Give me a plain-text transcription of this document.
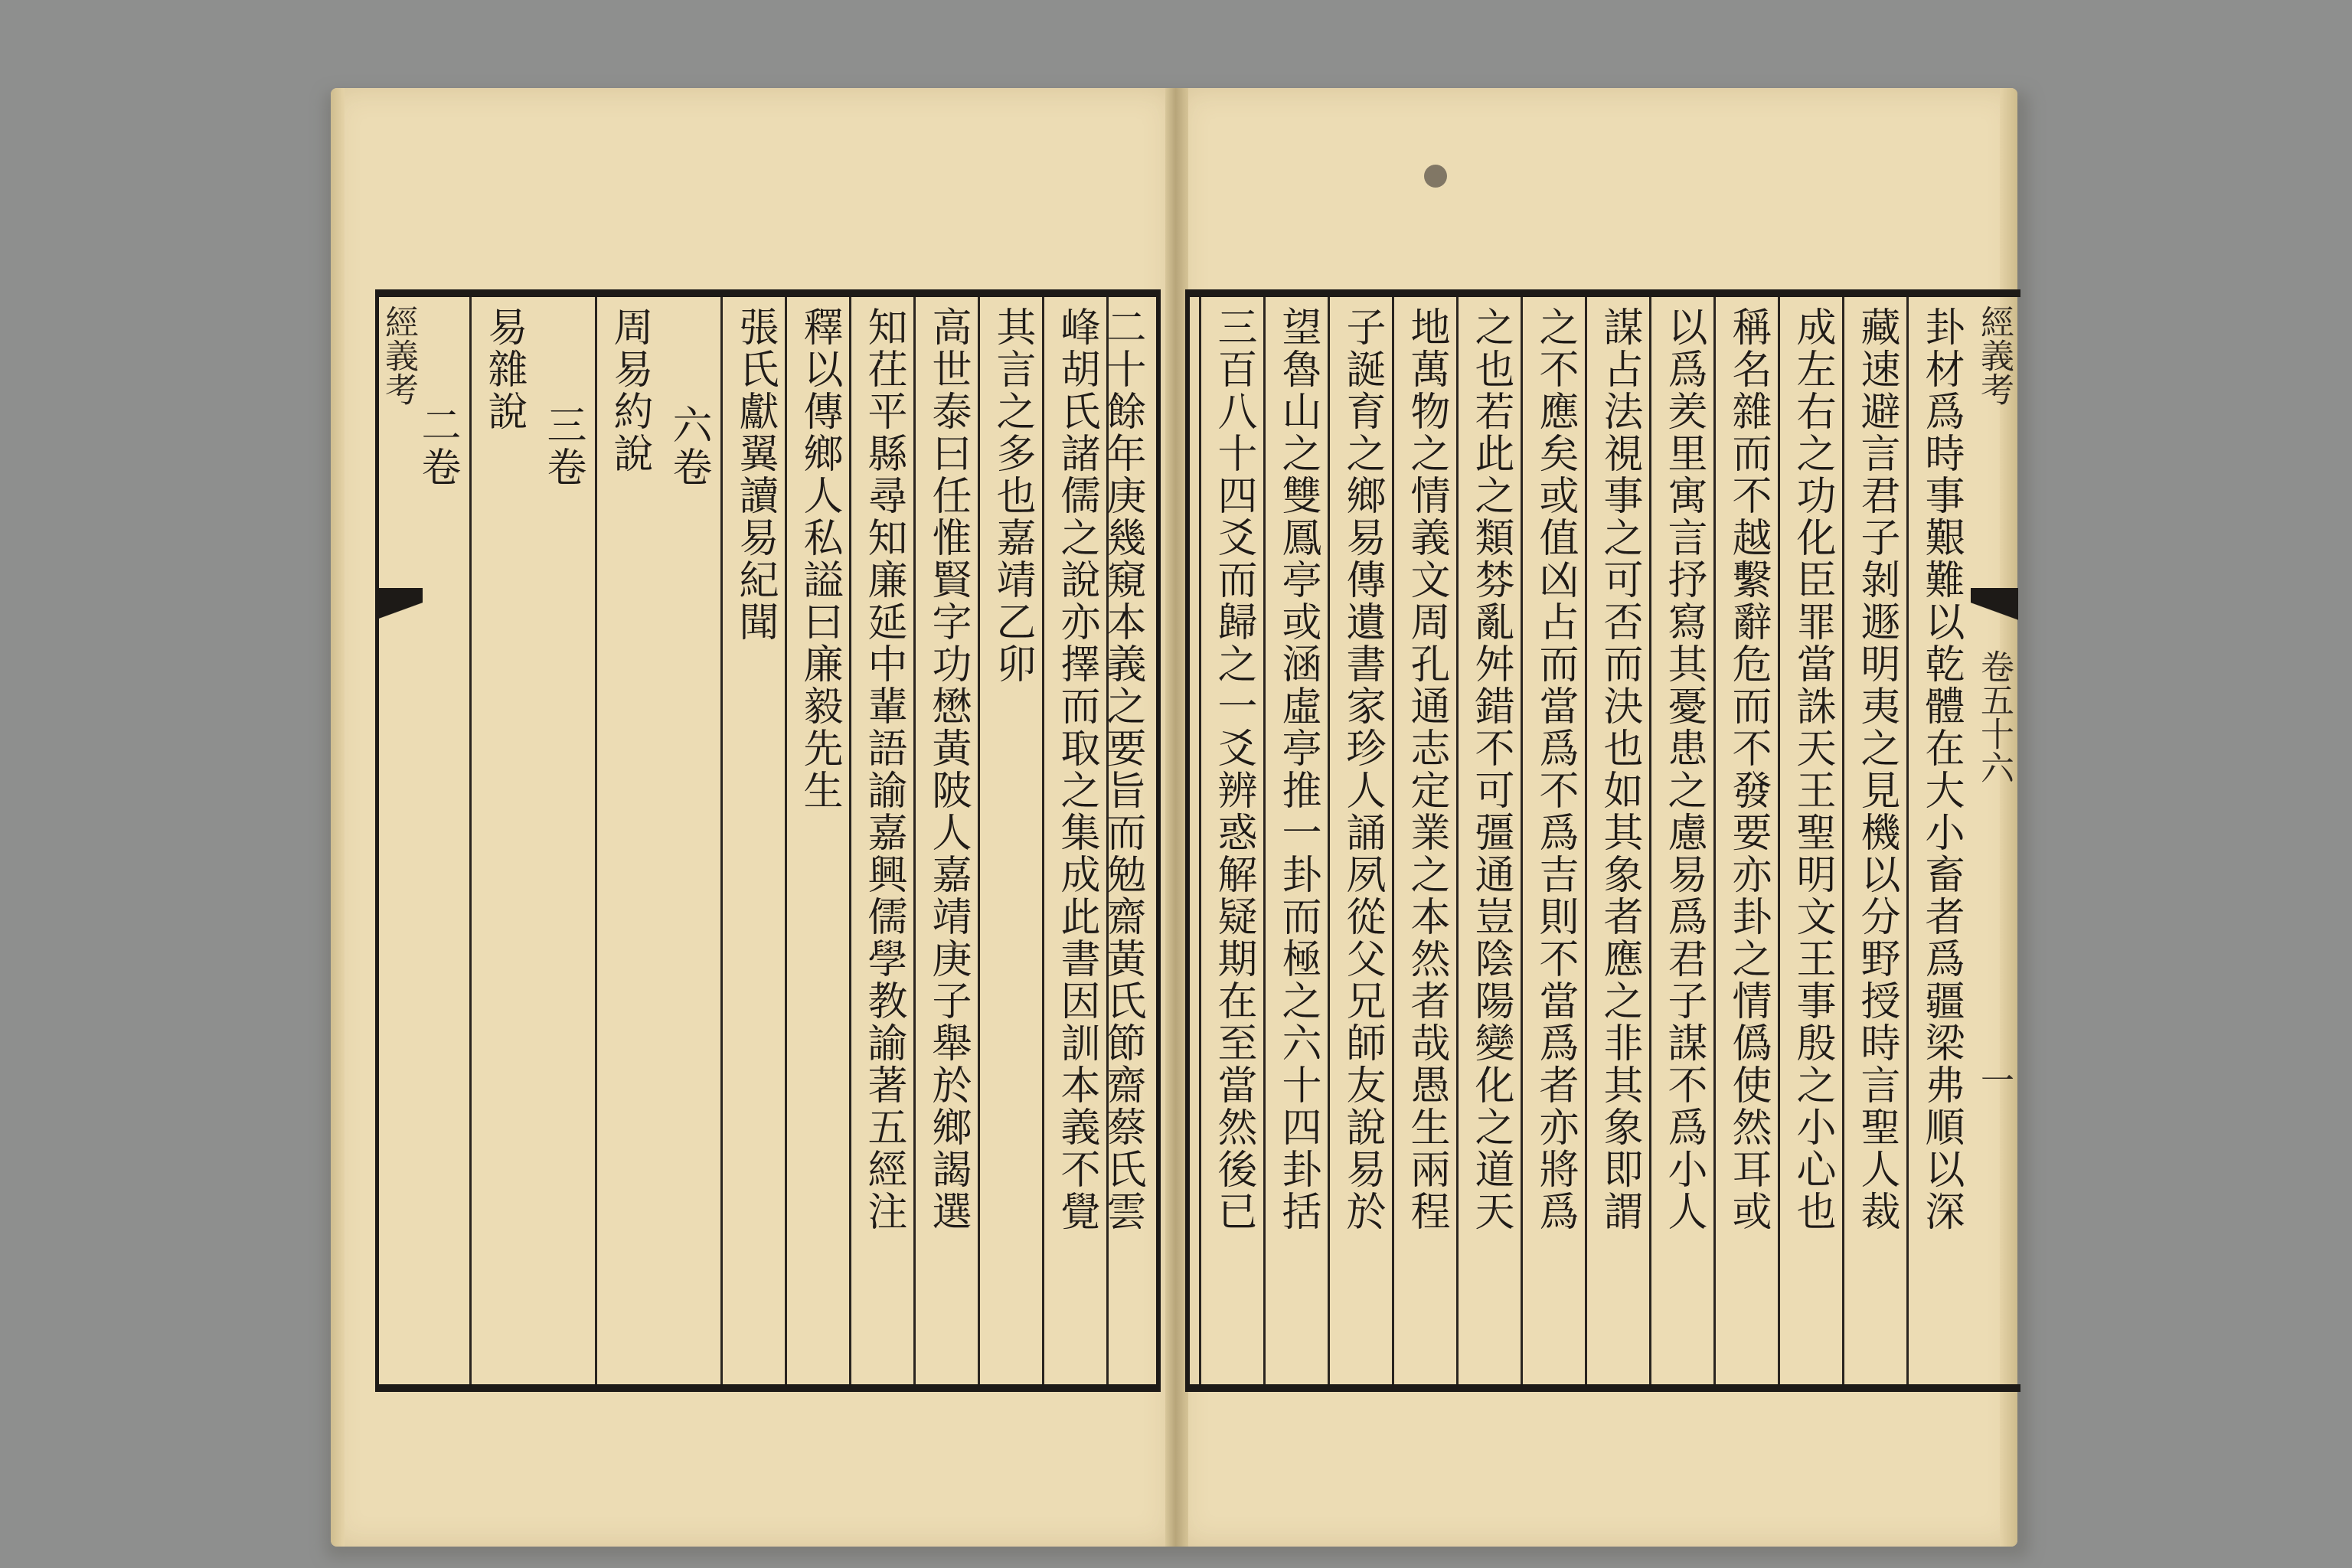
經義考	二十餘年庚幾窺本義之要旨而勉齋黃氏節齋蔡氏雲
峰胡氏諸儒之說亦擇而取之集成此書因訓本義不覺
其言之多也嘉靖乙卯
高世泰曰任惟賢字功懋黃陂人嘉靖庚子舉於鄉謁選
知茌平縣尋知廉延中輩語諭嘉興儒學教諭著五經注
釋以傳鄉人私謚曰廉毅先生
張氏獻翼讀易紀聞
六卷
周易約說
三卷
易雜說
二卷
經義考
卷五十六
一
卦材爲時事艱難以乾體在大小畜者爲疆梁弗順以深
藏速避言君子剝遯明夷之見機以分野授時言聖人裁
成左右之功化臣罪當誅天王聖明文王事殷之小心也
稱名雜而不越繫辭危而不發要亦卦之情僞使然耳或
以爲羑里寓言抒寫其憂患之慮易爲君子謀不爲小人
謀占法視事之可否而決也如其象者應之非其象即謂
之不應矣或值凶占而當爲不爲吉則不當爲者亦將爲
之也若此之類棼亂舛錯不可彊通豈陰陽變化之道天
地萬物之情義文周孔通志定業之本然者哉愚生兩程
子誕育之鄉易傳遺書家珍人誦夙從父兄師友說易於
望魯山之雙鳳亭或涵虛亭推一卦而極之六十四卦括
三百八十四爻而歸之一爻辨惑解疑期在至當然後已
